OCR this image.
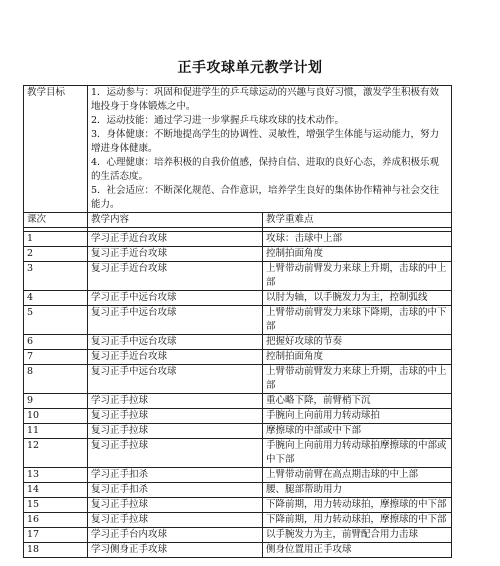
正手攻球单元教学计划
教学目标	1．运动参与：巩固和促进学生的乒乓球运动的兴趣与良好习惯，激发学生积极有效地投身于身体锻炼之中。
2．运动技能：通过学习进一步掌握乒乓球攻球的技术动作。
3．身体健康：不断地提高学生的协调性、灵敏性，增强学生体能与运动能力，努力增进身体健康。
4．心理健康：培养积极的自我价值感，保持自信、进取的良好心态，养成积极乐观的生活态度。
5．社会适应：不断深化规范、合作意识，培养学生良好的集体协作精神与社会交往能力。	

课次	教学内容	教学重难点

1	学习正手近台攻球	攻球：击球中上部
2	复习正手近台攻球	控制拍面角度
3	复习正手近台攻球	上臂带动前臂发力来球上升期，击球的中上部
4	学习正手中远台攻球	以肘为轴，以手腕发力为主，控制弧线
5	复习正手中远台攻球	上臂带动前臂发力来球下降期，击球的中下部
6	复习正手中远台攻球	把握好攻球的节奏
7	复习正手近台攻球	控制拍面角度
8	复习正手中远台攻球	上臂带动前臂发力来球上升期，击球的中上部
9	学习正手拉球	重心略下降，前臂梢下沉
10	复习正手拉球	手腕向上向前用力转动球拍
11	复习正手拉球	摩擦球的中部或中下部
12	复习正手拉球	手腕向上向前用力转动球拍摩擦球的中部或中下部
13	学习正手扣杀	上臂带动前臂在高点期击球的中上部
14	复习正手扣杀	腰、腿部帮助用力
15	复习正手拉球	下降前期，用力转动球拍，摩擦球的中下部
16	复习正手拉球	下降前期，用力转动球拍，摩擦球的中下部
17	学习正手台内攻球	以手腕发力为主，前臂配合用力击球
18	学习侧身正手攻球	侧身位置用正手攻球
